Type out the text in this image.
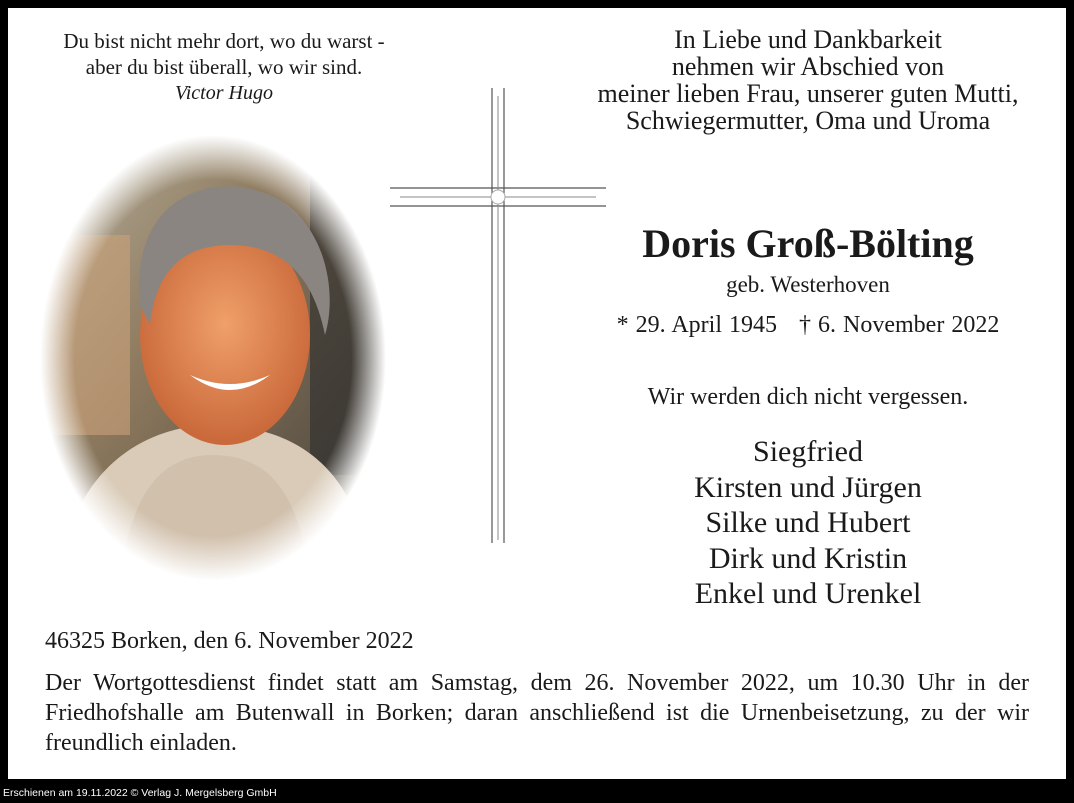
Du bist nicht mehr dort, wo du warst -
aber du bist überall, wo wir sind.
Victor Hugo
In Liebe und Dankbarkeit
nehmen wir Abschied von
meiner lieben Frau, unserer guten Mutti,
Schwiegermutter, Oma und Uroma
Doris Groß-Bölting
geb. Westerhoven
* 29. April 1945 † 6. November 2022
Wir werden dich nicht vergessen.
Siegfried
Kirsten und Jürgen
Silke und Hubert
Dirk und Kristin
Enkel und Urenkel
46325 Borken, den 6. November 2022
Der Wortgottesdienst findet statt am Samstag, dem 26. November 2022, um 10.30 Uhr in der Friedhofshalle am Butenwall in Borken; daran anschließend ist die Urnenbeisetzung, zu der wir freundlich einladen.
Erschienen am 19.11.2022 © Verlag J. Mergelsberg GmbH
